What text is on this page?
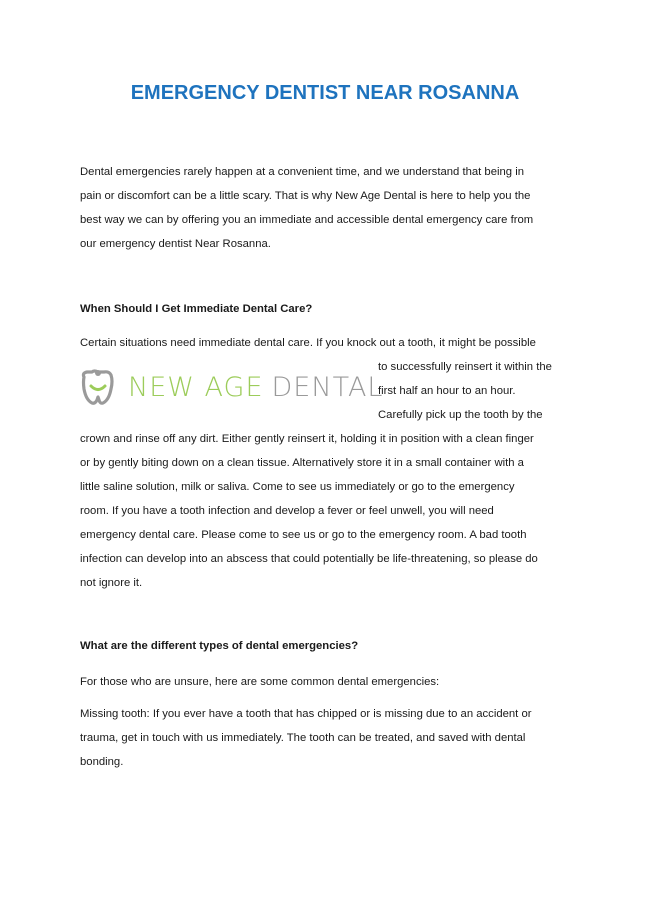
EMERGENCY DENTIST NEAR ROSANNA
Dental emergencies rarely happen at a convenient time, and we understand that being in
pain or discomfort can be a little scary. That is why New Age Dental is here to help you the
best way we can by offering you an immediate and accessible dental emergency care from
our emergency dentist Near Rosanna.
When Should I Get Immediate Dental Care?
Certain situations need immediate dental care. If you knock out a tooth, it might be possible
NEW AGE DENTAL
to successfully reinsert it within the
first half an hour to an hour.
Carefully pick up the tooth by the
crown and rinse off any dirt. Either gently reinsert it, holding it in position with a clean finger
or by gently biting down on a clean tissue. Alternatively store it in a small container with a
little saline solution, milk or saliva. Come to see us immediately or go to the emergency
room. If you have a tooth infection and develop a fever or feel unwell, you will need
emergency dental care. Please come to see us or go to the emergency room. A bad tooth
infection can develop into an abscess that could potentially be life-threatening, so please do
not ignore it.
What are the different types of dental emergencies?
For those who are unsure, here are some common dental emergencies:
Missing tooth: If you ever have a tooth that has chipped or is missing due to an accident or
trauma, get in touch with us immediately. The tooth can be treated, and saved with dental
bonding.
